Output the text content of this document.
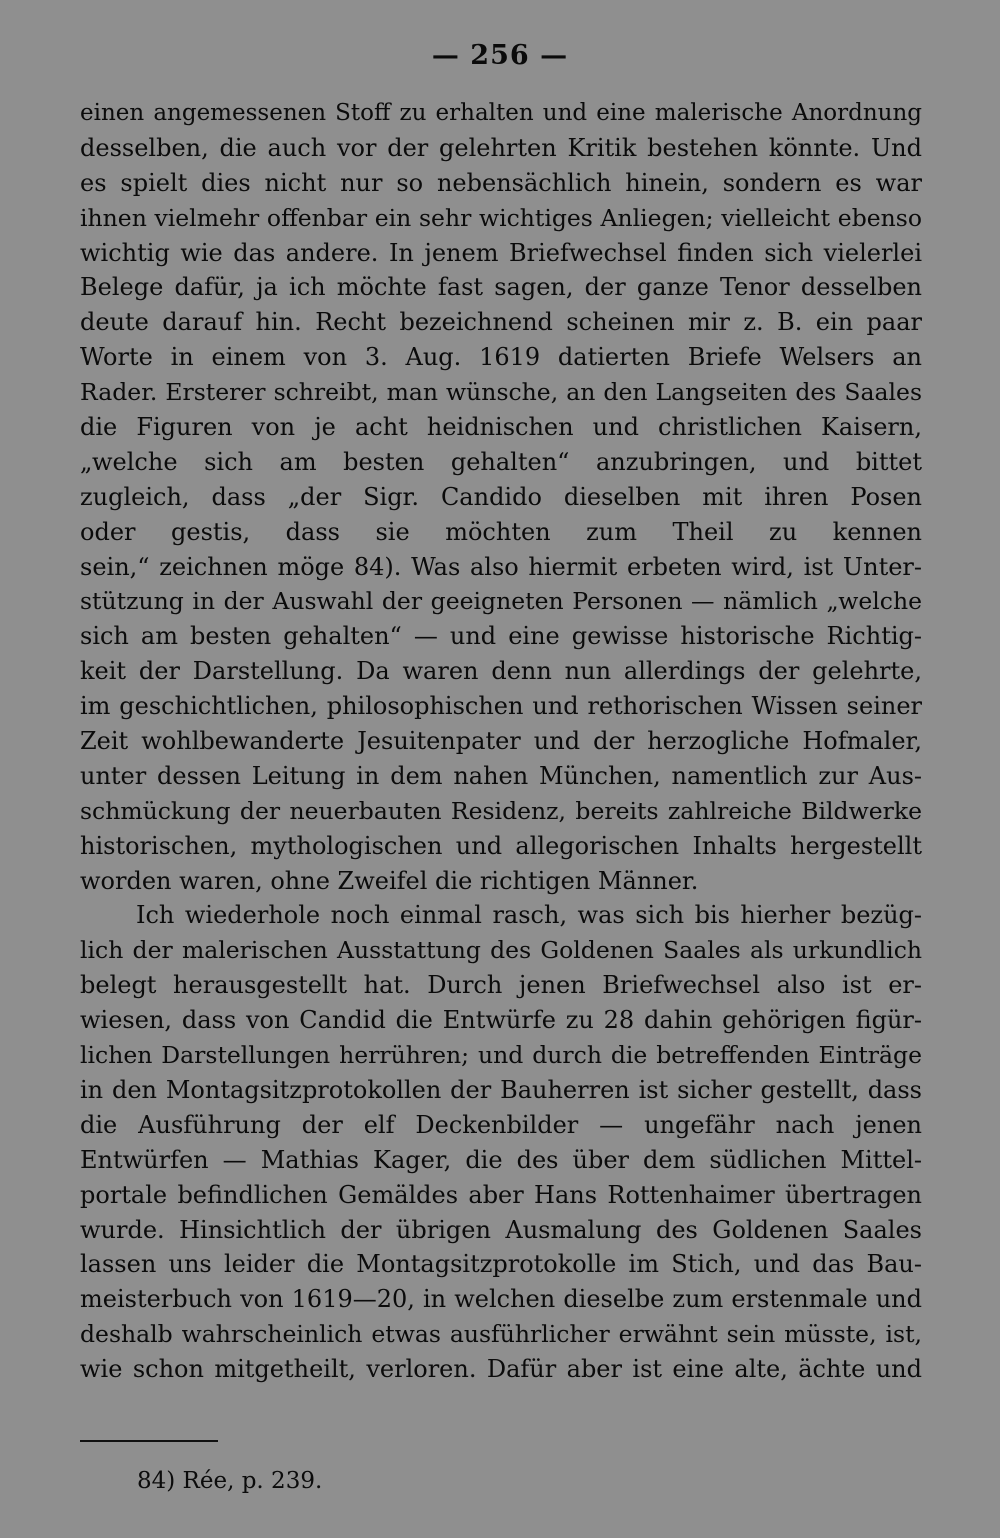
— 256 —
einen angemessenen Stoff zu erhalten und eine malerische Anordnung
desselben, die auch vor der gelehrten Kritik bestehen könnte. Und
es spielt dies nicht nur so nebensächlich hinein, sondern es war
ihnen vielmehr offenbar ein sehr wichtiges Anliegen; vielleicht ebenso
wichtig wie das andere. In jenem Briefwechsel finden sich vielerlei
Belege dafür, ja ich möchte fast sagen, der ganze Tenor desselben
deute darauf hin. Recht bezeichnend scheinen mir z. B. ein paar
Worte in einem von 3. Aug. 1619 datierten Briefe Welsers an
Rader. Ersterer schreibt, man wünsche, an den Langseiten des Saales
die Figuren von je acht heidnischen und christlichen Kaisern,
„welche sich am besten gehalten“ anzubringen, und bittet
zugleich, dass „der Sigr. Candido dieselben mit ihren Posen
oder gestis, dass sie möchten zum Theil zu kennen
sein,“ zeichnen möge 84). Was also hiermit erbeten wird, ist Unter-
stützung in der Auswahl der geeigneten Personen — nämlich „welche
sich am besten gehalten“ — und eine gewisse historische Richtig-
keit der Darstellung. Da waren denn nun allerdings der gelehrte,
im geschichtlichen, philosophischen und rethorischen Wissen seiner
Zeit wohlbewanderte Jesuitenpater und der herzogliche Hofmaler,
unter dessen Leitung in dem nahen München, namentlich zur Aus-
schmückung der neuerbauten Residenz, bereits zahlreiche Bildwerke
historischen, mythologischen und allegorischen Inhalts hergestellt
worden waren, ohne Zweifel die richtigen Männer.
Ich wiederhole noch einmal rasch, was sich bis hierher bezüg-
lich der malerischen Ausstattung des Goldenen Saales als urkundlich
belegt herausgestellt hat. Durch jenen Briefwechsel also ist er-
wiesen, dass von Candid die Entwürfe zu 28 dahin gehörigen figür-
lichen Darstellungen herrühren; und durch die betreffenden Einträge
in den Montagsitzprotokollen der Bauherren ist sicher gestellt, dass
die Ausführung der elf Deckenbilder — ungefähr nach jenen
Entwürfen — Mathias Kager, die des über dem südlichen Mittel-
portale befindlichen Gemäldes aber Hans Rottenhaimer übertragen
wurde. Hinsichtlich der übrigen Ausmalung des Goldenen Saales
lassen uns leider die Montagsitzprotokolle im Stich, und das Bau-
meisterbuch von 1619—20, in welchen dieselbe zum erstenmale und
deshalb wahrscheinlich etwas ausführlicher erwähnt sein müsste, ist,
wie schon mitgetheilt, verloren. Dafür aber ist eine alte, ächte und
84) Rée, p. 239.
